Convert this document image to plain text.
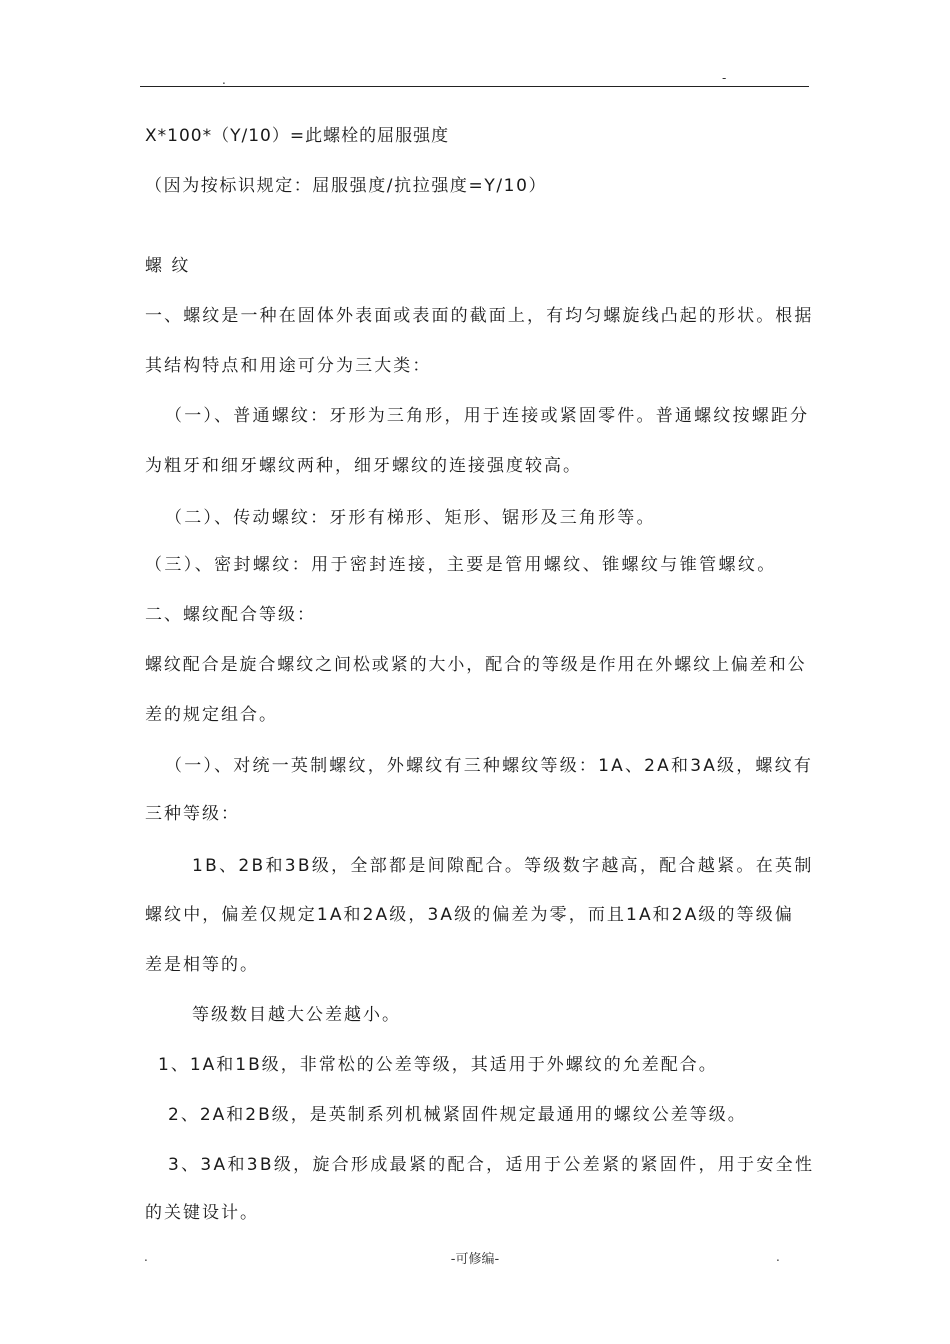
.	-

X*100*（Y/10）=此螺栓的屈服强度

（因为按标识规定：屈服强度/抗拉强度=Y/10）

螺 纹

一、螺纹是一种在固体外表面或表面的截面上，有均匀螺旋线凸起的形状。根据

其结构特点和用途可分为三大类：

（一）、普通螺纹：牙形为三角形，用于连接或紧固零件。普通螺纹按螺距分

为粗牙和细牙螺纹两种，细牙螺纹的连接强度较高。

（二）、传动螺纹：牙形有梯形、矩形、锯形及三角形等。

（三）、密封螺纹：用于密封连接，主要是管用螺纹、锥螺纹与锥管螺纹。

二、螺纹配合等级：

螺纹配合是旋合螺纹之间松或紧的大小，配合的等级是作用在外螺纹上偏差和公

差的规定组合。

（一）、对统一英制螺纹，外螺纹有三种螺纹等级：1A、2A和3A级，螺纹有

三种等级：

1B、2B和3B级，全部都是间隙配合。等级数字越高，配合越紧。在英制

螺纹中，偏差仅规定1A和2A级，3A级的偏差为零，而且1A和2A级的等级偏

差是相等的。

等级数目越大公差越小。

1、1A和1B级，非常松的公差等级，其适用于外螺纹的允差配合。

2、2A和2B级，是英制系列机械紧固件规定最通用的螺纹公差等级。

3、3A和3B级，旋合形成最紧的配合，适用于公差紧的紧固件，用于安全性

的关键设计。

.	-可修编-	.
